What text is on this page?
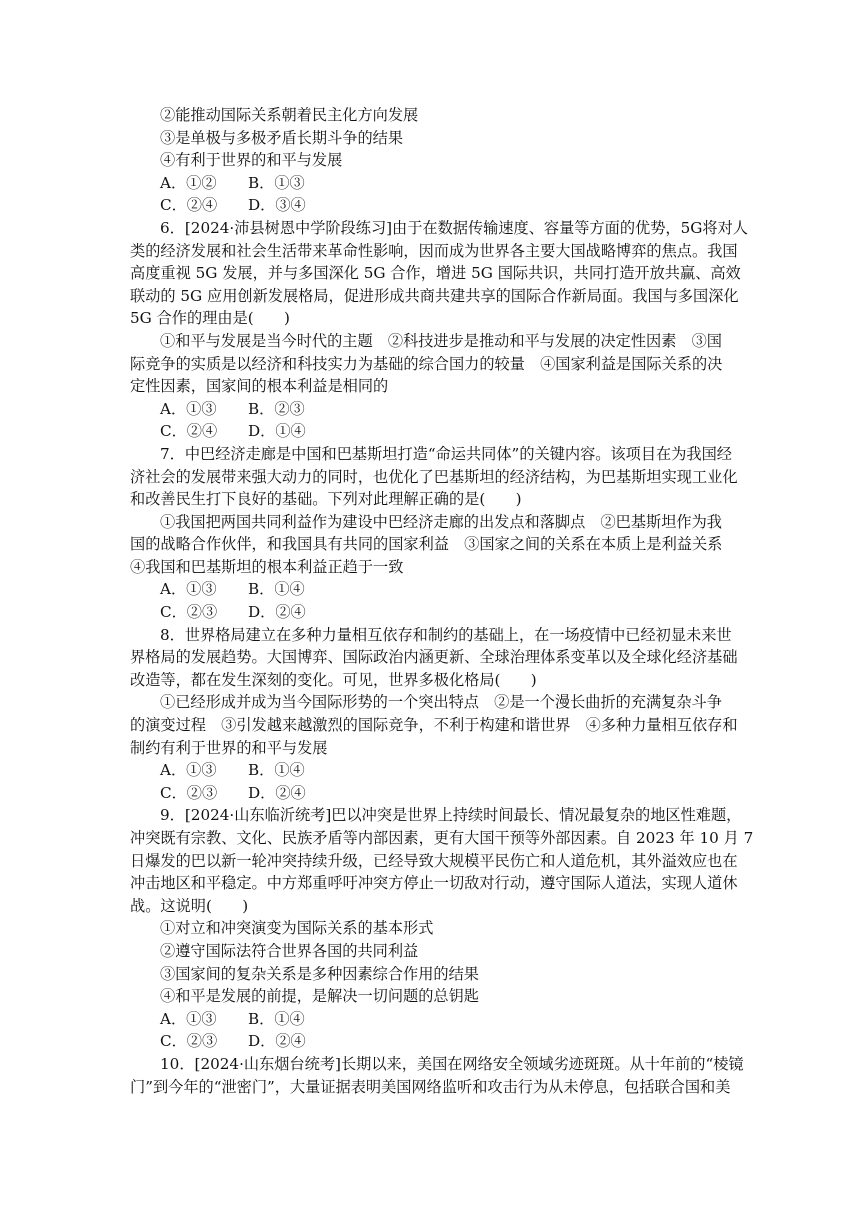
②能推动国际关系朝着民主化方向发展
③是单极与多极矛盾长期斗争的结果
④有利于世界的和平与发展
A．①② B．①③
C．②④ D．③④
6．[2024·沛县树恩中学阶段练习]由于在数据传输速度、容量等方面的优势，5G将对人
类的经济发展和社会生活带来革命性影响，因而成为世界各主要大国战略博弈的焦点。我国
高度重视 5G 发展，并与多国深化 5G 合作，增进 5G 国际共识，共同打造开放共赢、高效
联动的 5G 应用创新发展格局，促进形成共商共建共享的国际合作新局面。我国与多国深化
5G 合作的理由是(　　)
①和平与发展是当今时代的主题　②科技进步是推动和平与发展的决定性因素　③国
际竞争的实质是以经济和科技实力为基础的综合国力的较量　④国家利益是国际关系的决
定性因素，国家间的根本利益是相同的
A．①③ B．②③
C．②④ D．①④
7．中巴经济走廊是中国和巴基斯坦打造“命运共同体”的关键内容。该项目在为我国经
济社会的发展带来强大动力的同时，也优化了巴基斯坦的经济结构，为巴基斯坦实现工业化
和改善民生打下良好的基础。下列对此理解正确的是(　　)
①我国把两国共同利益作为建设中巴经济走廊的出发点和落脚点　②巴基斯坦作为我
国的战略合作伙伴，和我国具有共同的国家利益　③国家之间的关系在本质上是利益关系
④我国和巴基斯坦的根本利益正趋于一致
A．①③ B．①④
C．②③ D．②④
8．世界格局建立在多种力量相互依存和制约的基础上，在一场疫情中已经初显未来世
界格局的发展趋势。大国博弈、国际政治内涵更新、全球治理体系变革以及全球化经济基础
改造等，都在发生深刻的变化。可见，世界多极化格局(　　)
①已经形成并成为当今国际形势的一个突出特点　②是一个漫长曲折的充满复杂斗争
的演变过程　③引发越来越激烈的国际竞争，不利于构建和谐世界　④多种力量相互依存和
制约有利于世界的和平与发展
A．①③ B．①④
C．②③ D．②④
9．[2024·山东临沂统考]巴以冲突是世界上持续时间最长、情况最复杂的地区性难题，
冲突既有宗教、文化、民族矛盾等内部因素，更有大国干预等外部因素。自 2023 年 10 月 7
日爆发的巴以新一轮冲突持续升级，已经导致大规模平民伤亡和人道危机，其外溢效应也在
冲击地区和平稳定。中方郑重呼吁冲突方停止一切敌对行动，遵守国际人道法，实现人道休
战。这说明(　　)
①对立和冲突演变为国际关系的基本形式
②遵守国际法符合世界各国的共同利益
③国家间的复杂关系是多种因素综合作用的结果
④和平是发展的前提，是解决一切问题的总钥匙
A．①③ B．①④
C．②③ D．②④
10．[2024·山东烟台统考]长期以来，美国在网络安全领域劣迹斑斑。从十年前的“棱镜
门”到今年的“泄密门”，大量证据表明美国网络监听和攻击行为从未停息，包括联合国和美
